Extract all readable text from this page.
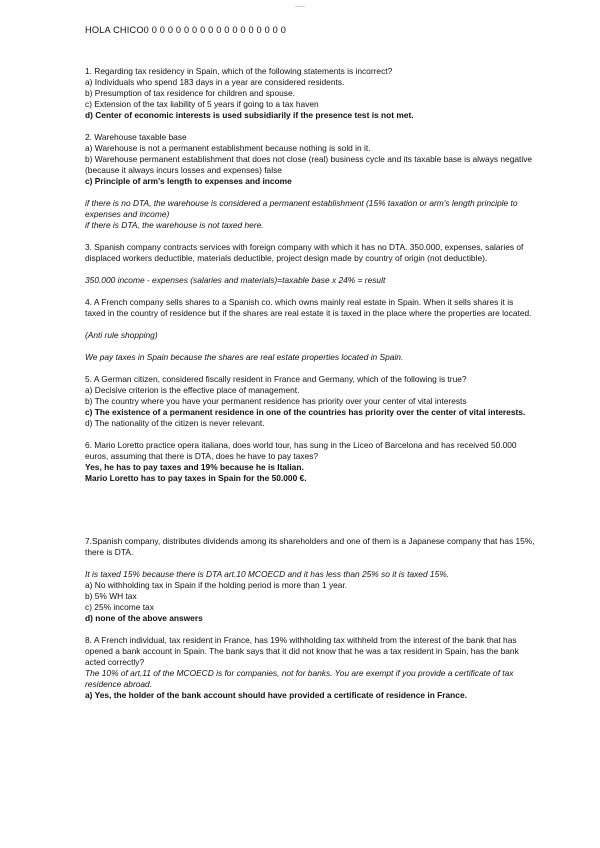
___
HOLA CHICO0 0 0 0 0 0 0 0 0 0 0 0 0 0 0 0 0 0

1. Regarding tax residency in Spain, which of the following statements is incorrect?

a) Individuals who spend 183 days in a year are considered residents.

b) Presumption of tax residence for children and spouse.

c) Extension of the tax liability of 5 years if going to a tax haven

d) Center of economic interests is used subsidiarily if the presence test is not met.

2. Warehouse taxable base

a) Warehouse is not a permanent establishment because nothing is sold in it.

b) Warehouse permanent establishment that does not close (real) business cycle and its taxable base is always negative (because it always incurs losses and expenses) false

c) Principle of arm's length to expenses and income

if there is no DTA, the warehouse is considered a permanent establishment (15% taxation or arm's length principle to expenses and income)

if there is DTA, the warehouse is not taxed here.

3. Spanish company contracts services with foreign company with which it has no DTA. 350.000, expenses, salaries of displaced workers deductible, materials deductible, project design made by country of origin (not deductible).

350.000 income - expenses (salaries and materials)=taxable base x 24% = result

4. A French company sells shares to a Spanish co. which owns mainly real estate in Spain. When it sells shares it is taxed in the country of residence but if the shares are real estate it is taxed in the place where the properties are located.

(Anti rule shopping)

We pay taxes in Spain because the shares are real estate properties located in Spain.

5. A German citizen, considered fiscally resident in France and Germany, which of the following is true?

a) Decisive criterion is the effective place of management.

b) The country where you have your permanent residence has priority over your center of vital interests

c) The existence of a permanent residence in one of the countries has priority over the center of vital interests.

d) The nationality of the citizen is never relevant.

6. Mario Loretto practice opera italiana, does world tour, has sung in the Liceo of Barcelona and has received 50.000 euros, assuming that there is DTA, does he have to pay taxes?

Yes, he has to pay taxes and 19% because he is Italian.

Mario Loretto has to pay taxes in Spain for the 50.000 €.

7.Spanish company, distributes dividends among its shareholders and one of them is a Japanese company that has 15%, there is DTA.

It is taxed 15% because there is DTA art.10 MCOECD and it has less than 25% so it is taxed 15%.

a) No withholding tax in Spain if the holding period is more than 1 year.

b) 5% WH tax

c) 25% income tax

d) none of the above answers

8. A French individual, tax resident in France, has 19% withholding tax withheld from the interest of the bank that has opened a bank account in Spain. The bank says that it did not know that he was a tax resident in Spain, has the bank acted correctly?

The 10% of art.11 of the MCOECD is for companies, not for banks. You are exempt if you provide a certificate of tax residence abroad.

a) Yes, the holder of the bank account should have provided a certificate of residence in France.
